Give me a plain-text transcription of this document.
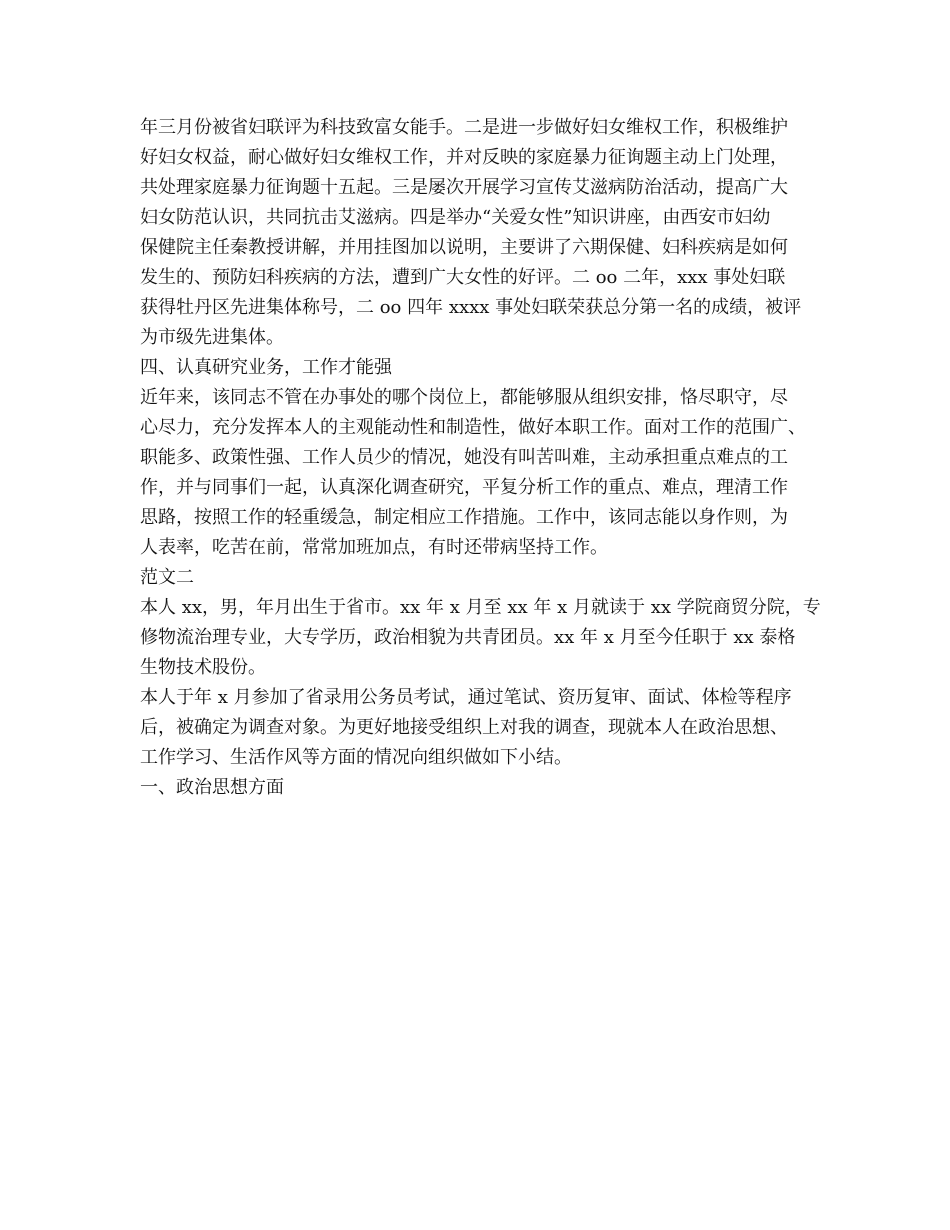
年三月份被省妇联评为科技致富女能手。二是进一步做好妇女维权工作，积极维护
好妇女权益，耐心做好妇女维权工作，并对反映的家庭暴力征询题主动上门处理，
共处理家庭暴力征询题十五起。三是屡次开展学习宣传艾滋病防治活动，提高广大
妇女防范认识，共同抗击艾滋病。四是举办“关爱女性”知识讲座，由西安市妇幼
保健院主任秦教授讲解，并用挂图加以说明，主要讲了六期保健、妇科疾病是如何
发生的、预防妇科疾病的方法，遭到广大女性的好评。二 oo 二年，xxx 事处妇联
获得牡丹区先进集体称号，二 oo 四年 xxxx 事处妇联荣获总分第一名的成绩，被评
为市级先进集体。
四、认真研究业务，工作才能强
近年来，该同志不管在办事处的哪个岗位上，都能够服从组织安排，恪尽职守，尽
心尽力，充分发挥本人的主观能动性和制造性，做好本职工作。面对工作的范围广、
职能多、政策性强、工作人员少的情况，她没有叫苦叫难，主动承担重点难点的工
作，并与同事们一起，认真深化调查研究，平复分析工作的重点、难点，理清工作
思路，按照工作的轻重缓急，制定相应工作措施。工作中，该同志能以身作则，为
人表率，吃苦在前，常常加班加点，有时还带病坚持工作。
范文二
本人 xx，男，年月出生于省市。xx 年 x 月至 xx 年 x 月就读于 xx 学院商贸分院，专
修物流治理专业，大专学历，政治相貌为共青团员。xx 年 x 月至今任职于 xx 泰格
生物技术股份。
本人于年 x 月参加了省录用公务员考试，通过笔试、资历复审、面试、体检等程序
后，被确定为调查对象。为更好地接受组织上对我的调查，现就本人在政治思想、
工作学习、生活作风等方面的情况向组织做如下小结。
一、政治思想方面
